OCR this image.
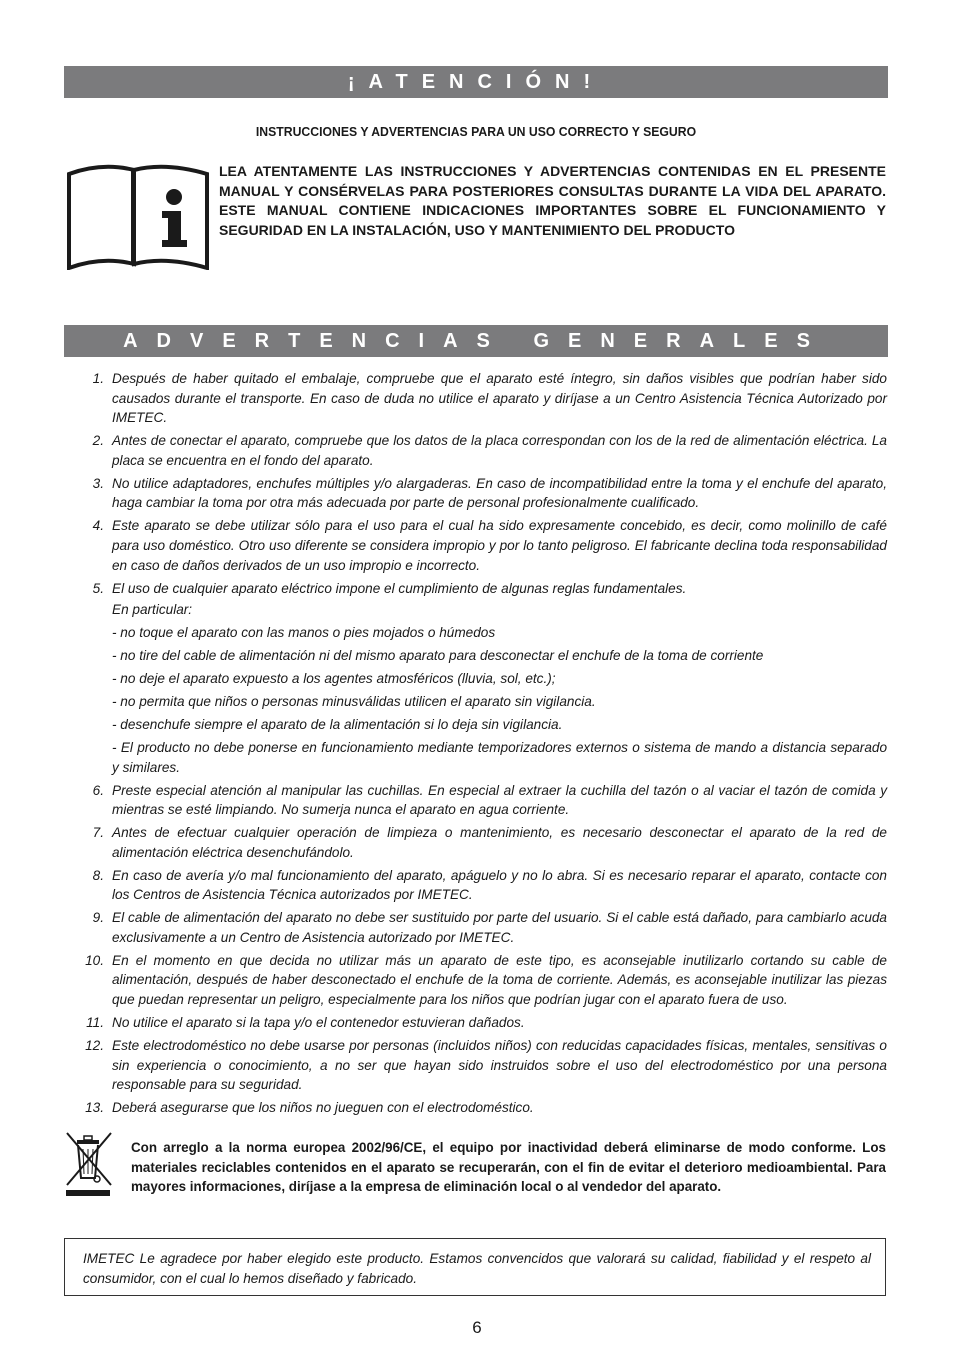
¡ATENCIÓN!
INSTRUCCIONES Y ADVERTENCIAS PARA UN USO CORRECTO Y SEGURO
LEA ATENTAMENTE LAS INSTRUCCIONES Y ADVERTENCIAS CONTENIDAS EN EL PRESENTE
MANUAL Y CONSÉRVELAS PARA POSTERIORES CONSULTAS DURANTE LA VIDA DEL APARATO.
ESTE MANUAL CONTIENE INDICACIONES IMPORTANTES SOBRE EL FUNCIONAMIENTO Y
SEGURIDAD EN LA INSTALACIÓN, USO Y MANTENIMIENTO DEL PRODUCTO
ADVERTENCIAS GENERALES
1. Después de haber quitado el embalaje, compruebe que el aparato esté íntegro, sin daños visibles que podrían haber sido causados durante el transporte. En caso de duda no utilice el aparato y diríjase a un Centro Asistencia Técnica Autorizado por IMETEC.
2. Antes de conectar el aparato, compruebe que los datos de la placa correspondan con los de la red de alimentación eléctrica. La placa se encuentra en el fondo del aparato.
3. No utilice adaptadores, enchufes múltiples y/o alargaderas. En caso de incompatibilidad entre la toma y el enchufe del aparato, haga cambiar la toma por otra más adecuada por parte de personal profesionalmente cualificado.
4. Este aparato se debe utilizar sólo para el uso para el cual ha sido expresamente concebido, es decir, como molinillo de café para uso doméstico. Otro uso diferente se considera impropio y por lo tanto peligroso. El fabricante declina toda responsabilidad en caso de daños derivados de un uso impropio e incorrecto.
5. El uso de cualquier aparato eléctrico impone el cumplimiento de algunas reglas fundamentales.
En particular:
- no toque el aparato con las manos o pies mojados o húmedos
- no tire del cable de alimentación ni del mismo aparato para desconectar el enchufe de la toma de corriente
- no deje el aparato expuesto a los agentes atmosféricos (lluvia, sol, etc.);
- no permita que niños o personas minusválidas utilicen el aparato sin vigilancia.
- desenchufe siempre el aparato de la alimentación si lo deja sin vigilancia.
- El producto no debe ponerse en funcionamiento mediante temporizadores externos o sistema de mando a distancia separado y similares.
6. Preste especial atención al manipular las cuchillas. En especial al extraer la cuchilla del tazón o al vaciar el tazón de comida y mientras se esté limpiando. No sumerja nunca el aparato en agua corriente.
7. Antes de efectuar cualquier operación de limpieza o mantenimiento, es necesario desconectar el aparato de la red de alimentación eléctrica desenchufándolo.
8. En caso de avería y/o mal funcionamiento del aparato, apáguelo y no lo abra. Si es necesario reparar el aparato, contacte con los Centros de Asistencia Técnica autorizados por IMETEC.
9. El cable de alimentación del aparato no debe ser sustituido por parte del usuario. Si el cable está dañado, para cambiarlo acuda exclusivamente a un Centro de Asistencia autorizado por IMETEC.
10. En el momento en que decida no utilizar más un aparato de este tipo, es aconsejable inutilizarlo cortando su cable de alimentación, después de haber desconectado el enchufe de la toma de corriente. Además, es aconsejable inutilizar las piezas que puedan representar un peligro, especialmente para los niños que podrían jugar con el aparato fuera de uso.
11. No utilice el aparato si la tapa y/o el contenedor estuvieran dañados.
12. Este electrodoméstico no debe usarse por personas (incluidos niños) con reducidas capacidades físicas, mentales, sensitivas o sin experiencia o conocimiento, a no ser que hayan sido instruidos sobre el uso del electrodoméstico por una persona responsable para su seguridad.
13. Deberá asegurarse que los niños no jueguen con el electrodoméstico.
Con arreglo a la norma europea 2002/96/CE, el equipo por inactividad deberá eliminarse de modo conforme. Los materiales reciclables contenidos en el aparato se recuperarán, con el fin de evitar el deterioro medioambiental. Para mayores informaciones, diríjase a la empresa de eliminación local o al vendedor del aparato.
IMETEC Le agradece por haber elegido este producto. Estamos convencidos que valorará su calidad, fiabilidad y el respeto al consumidor, con el cual lo hemos diseñado y fabricado.
6
